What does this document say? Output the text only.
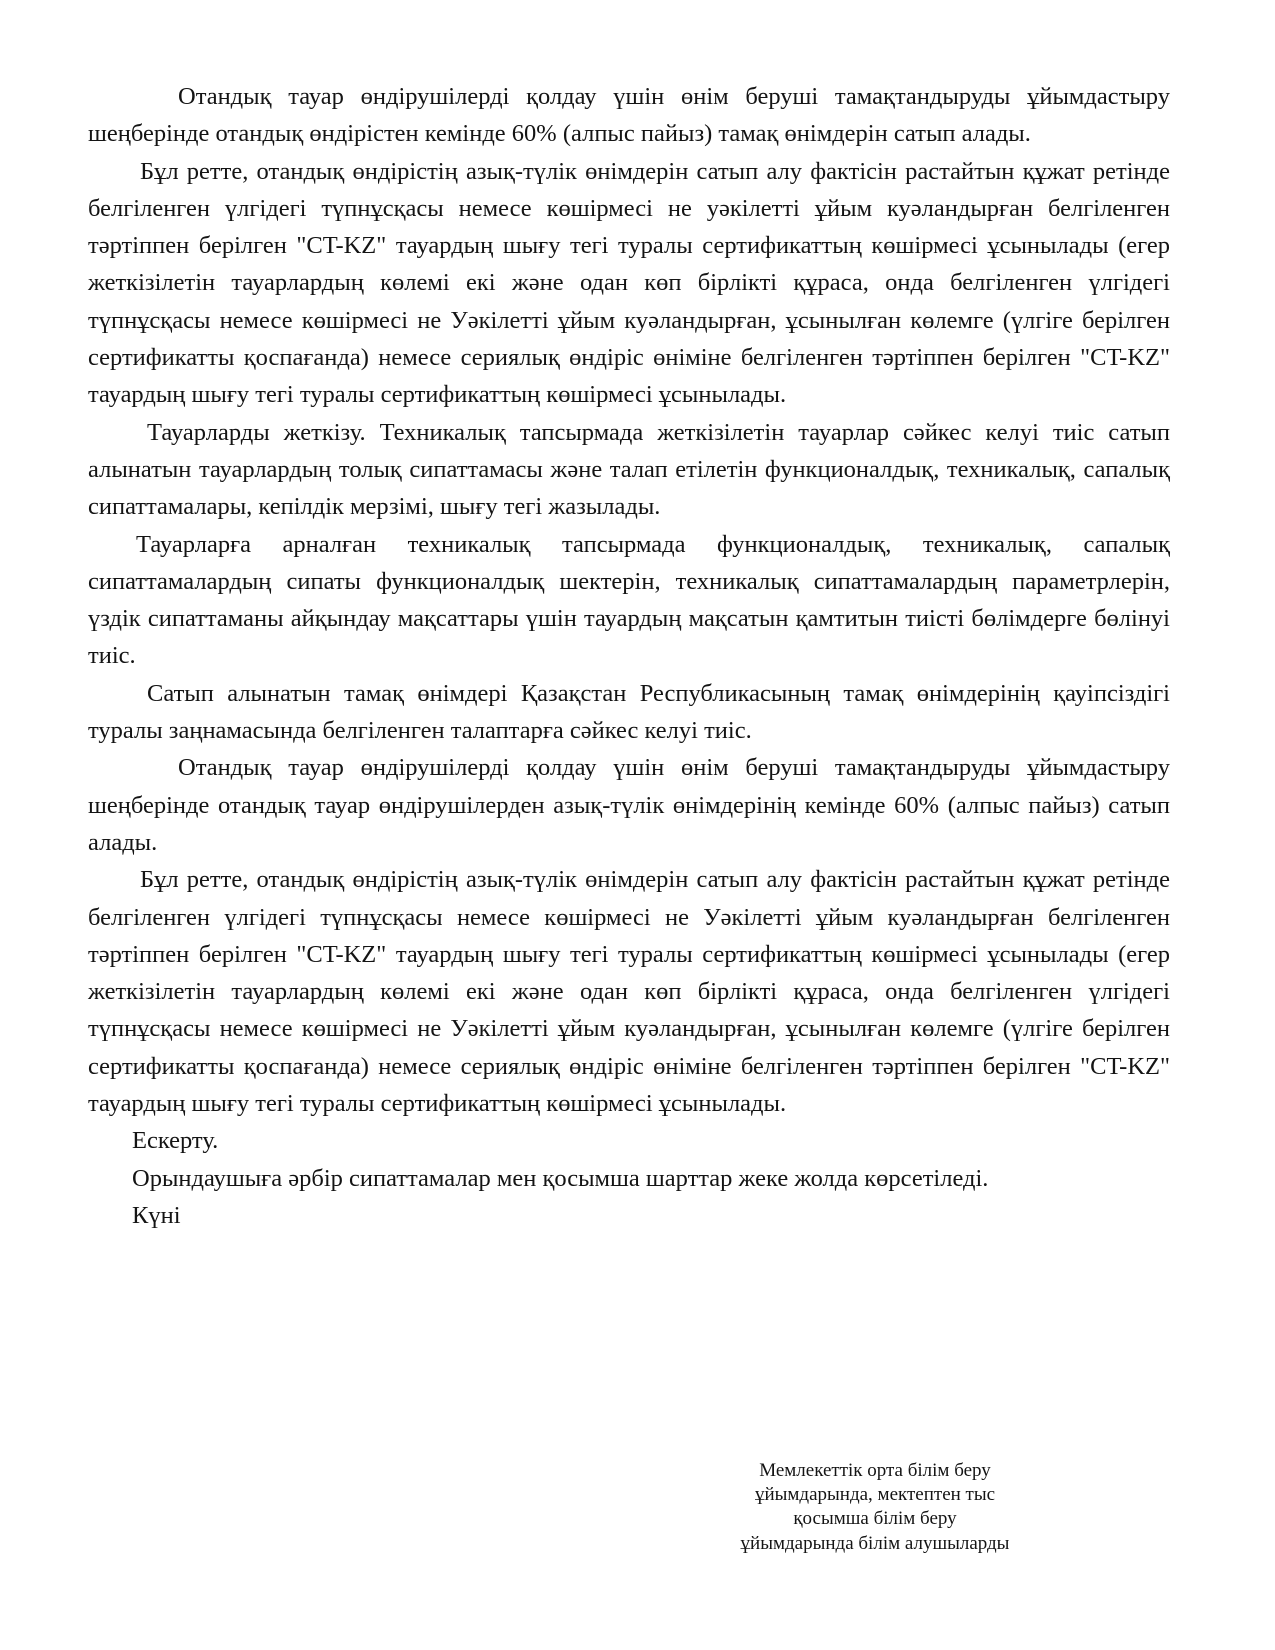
Отандық тауар өндірушілерді қолдау үшін өнім беруші тамақтандыруды ұйымдастыру шеңберінде отандық өндірістен кемінде 60% (алпыс пайыз) тамақ өнімдерін сатып алады.

Бұл ретте, отандық өндірістің азық-түлік өнімдерін сатып алу фактісін растайтын құжат ретінде белгіленген үлгідегі түпнұсқасы немесе көшірмесі не уәкілетті ұйым куәландырған белгіленген тәртіппен берілген "CT-KZ" тауардың шығу тегі туралы сертификаттың көшірмесі ұсынылады (егер жеткізілетін тауарлардың көлемі екі және одан көп бірлікті құраса, онда белгіленген үлгідегі түпнұсқасы немесе көшірмесі не Уәкілетті ұйым куәландырған, ұсынылған көлемге (үлгіге берілген сертификатты қоспағанда) немесе сериялық өндіріс өніміне белгіленген тәртіппен берілген "CT-KZ" тауардың шығу тегі туралы сертификаттың көшірмесі ұсынылады.

Тауарларды жеткізу. Техникалық тапсырмада жеткізілетін тауарлар сәйкес келуі тиіс сатып алынатын тауарлардың толық сипаттамасы және талап етілетін функционалдық, техникалық, сапалық сипаттамалары, кепілдік мерзімі, шығу тегі жазылады.

Тауарларға арналған техникалық тапсырмада функционалдық, техникалық, сапалық сипаттамалардың сипаты функционалдық шектерін, техникалық сипаттамалардың параметрлерін, үздік сипаттаманы айқындау мақсаттары үшін тауардың мақсатын қамтитын тиісті бөлімдерге бөлінуі тиіс.

Сатып алынатын тамақ өнімдері Қазақстан Республикасының тамақ өнімдерінің қауіпсіздігі туралы заңнамасында белгіленген талаптарға сәйкес келуі тиіс.

Отандық тауар өндірушілерді қолдау үшін өнім беруші тамақтандыруды ұйымдастыру шеңберінде отандық тауар өндірушілерден азық-түлік өнімдерінің кемінде 60% (алпыс пайыз) сатып алады.

Бұл ретте, отандық өндірістің азық-түлік өнімдерін сатып алу фактісін растайтын құжат ретінде белгіленген үлгідегі түпнұсқасы немесе көшірмесі не Уәкілетті ұйым куәландырған белгіленген тәртіппен берілген "CT-KZ" тауардың шығу тегі туралы сертификаттың көшірмесі ұсынылады (егер жеткізілетін тауарлардың көлемі екі және одан көп бірлікті құраса, онда белгіленген үлгідегі түпнұсқасы немесе көшірмесі не Уәкілетті ұйым куәландырған, ұсынылған көлемге (үлгіге берілген сертификатты қоспағанда) немесе сериялық өндіріс өніміне белгіленген тәртіппен берілген "CT-KZ" тауардың шығу тегі туралы сертификаттың көшірмесі ұсынылады.

Ескерту.

Орындаушыға әрбір сипаттамалар мен қосымша шарттар жеке жолда көрсетіледі.

Күні

Мемлекеттік орта білім беру
ұйымдарында, мектептен тыс
қосымша білім беру
ұйымдарында білім алушыларды
